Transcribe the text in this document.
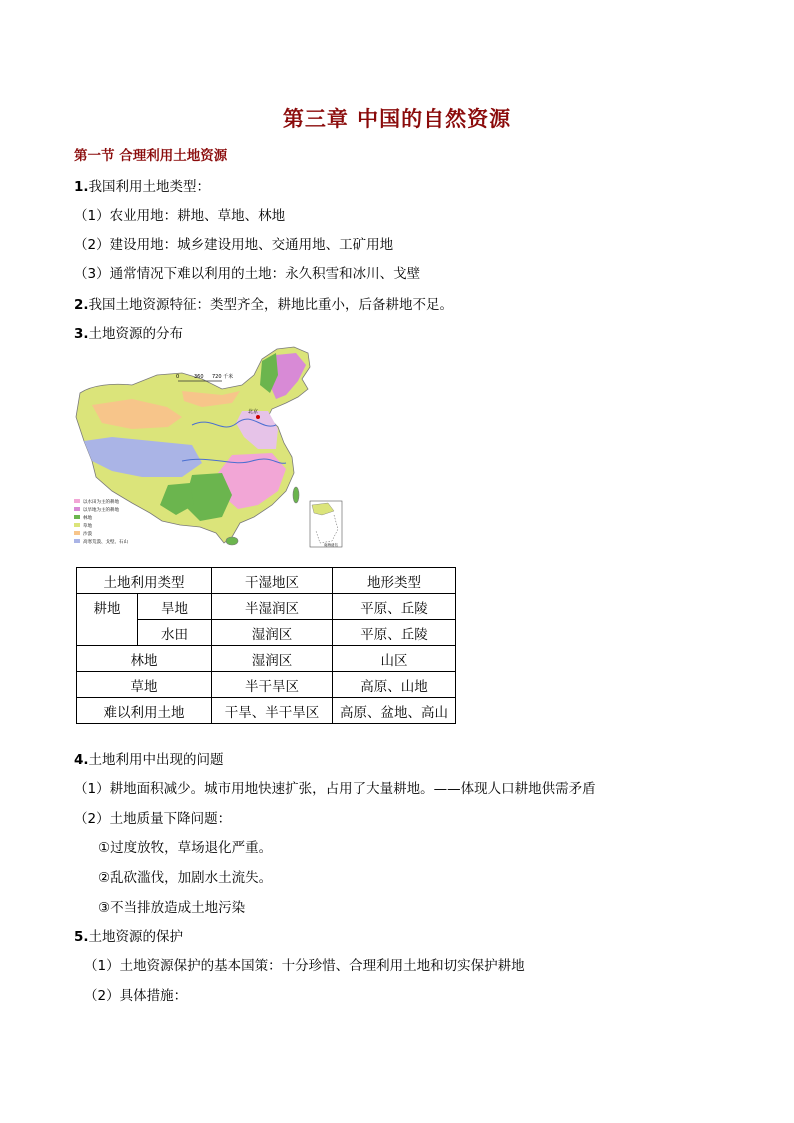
第三章 中国的自然资源
第一节 合理利用土地资源
1.我国利用土地类型：
（1）农业用地：耕地、草地、林地
（2）建设用地：城乡建设用地、交通用地、工矿用地
（3）通常情况下难以利用的土地：永久积雪和冰川、戈壁
2.我国土地资源特征：类型齐全，耕地比重小，后备耕地不足。
3.土地资源的分布
北京
0	360 720 千米
以水田为主的耕地
以旱地为主的耕地
林地
草地
沙漠
高寒荒漠、戈壁、石山	南海诸岛
土地利用类型		干湿地区	地形类型
耕地	旱地	半湿润区	平原、丘陵
	水田	湿润区	平原、丘陵
林地		湿润区	山区
草地		半干旱区	高原、山地
难以利用土地		干旱、半干旱区	高原、盆地、高山
4.土地利用中出现的问题
（1）耕地面积减少。城市用地快速扩张，占用了大量耕地。——体现人口耕地供需矛盾
（2）土地质量下降问题：
①过度放牧，草场退化严重。
②乱砍滥伐，加剧水土流失。
③不当排放造成土地污染
5.土地资源的保护
（1）土地资源保护的基本国策：十分珍惜、合理利用土地和切实保护耕地
（2）具体措施：
